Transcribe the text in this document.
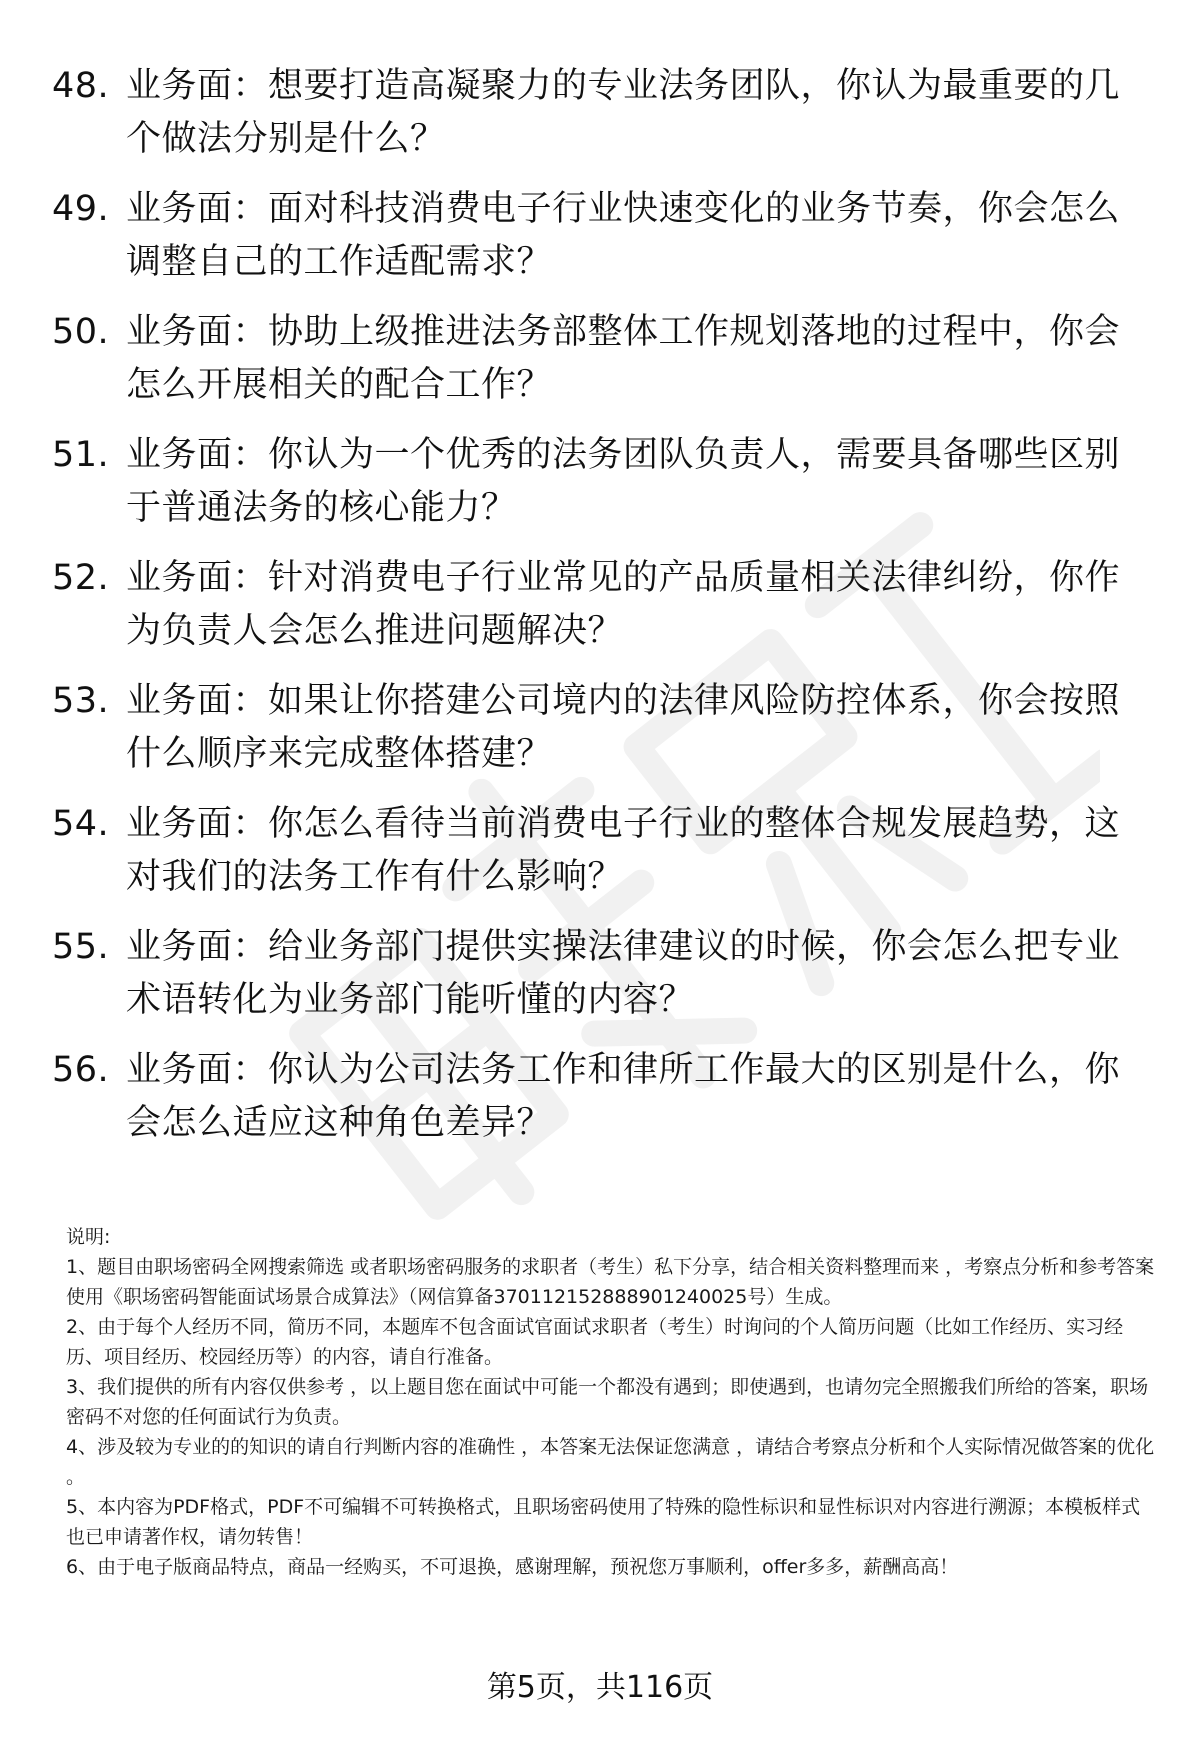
48. 业务面：想要打造高凝聚力的专业法务团队，你认为最重要的几个做法分别是什么？
49. 业务面：面对科技消费电子行业快速变化的业务节奏，你会怎么调整自己的工作适配需求？
50. 业务面：协助上级推进法务部整体工作规划落地的过程中，你会怎么开展相关的配合工作？
51. 业务面：你认为一个优秀的法务团队负责人，需要具备哪些区别于普通法务的核心能力？
52. 业务面：针对消费电子行业常见的产品质量相关法律纠纷，你作为负责人会怎么推进问题解决？
53. 业务面：如果让你搭建公司境内的法律风险防控体系，你会按照什么顺序来完成整体搭建？
54. 业务面：你怎么看待当前消费电子行业的整体合规发展趋势，这对我们的法务工作有什么影响？
55. 业务面：给业务部门提供实操法律建议的时候，你会怎么把专业术语转化为业务部门能听懂的内容？
56. 业务面：你认为公司法务工作和律所工作最大的区别是什么，你会怎么适应这种角色差异？

说明:

1、题目由职场密码全网搜索筛选 或者职场密码服务的求职者（考生）私下分享，结合相关资料整理而来 ，考察点分析和参考答案使用《职场密码智能面试场景合成算法》（网信算备370112152888901240025号）生成。

2、由于每个人经历不同，简历不同，本题库不包含面试官面试求职者（考生）时询问的个人简历问题（比如工作经历、实习经历、项目经历、校园经历等）的内容，请自行准备。

3、我们提供的所有内容仅供参考 ，以上题目您在面试中可能一个都没有遇到；即使遇到，也请勿完全照搬我们所给的答案，职场密码不对您的任何面试行为负责。

4、涉及较为专业的的知识的请自行判断内容的准确性 ，本答案无法保证您满意 ，请结合考察点分析和个人实际情况做答案的优化 。

5、本内容为PDF格式，PDF不可编辑不可转换格式，且职场密码使用了特殊的隐性标识和显性标识对内容进行溯源；本模板样式也已申请著作权，请勿转售！

6、由于电子版商品特点，商品一经购买，不可退换，感谢理解，预祝您万事顺利，offer多多，薪酬高高！

第5页，共116页
